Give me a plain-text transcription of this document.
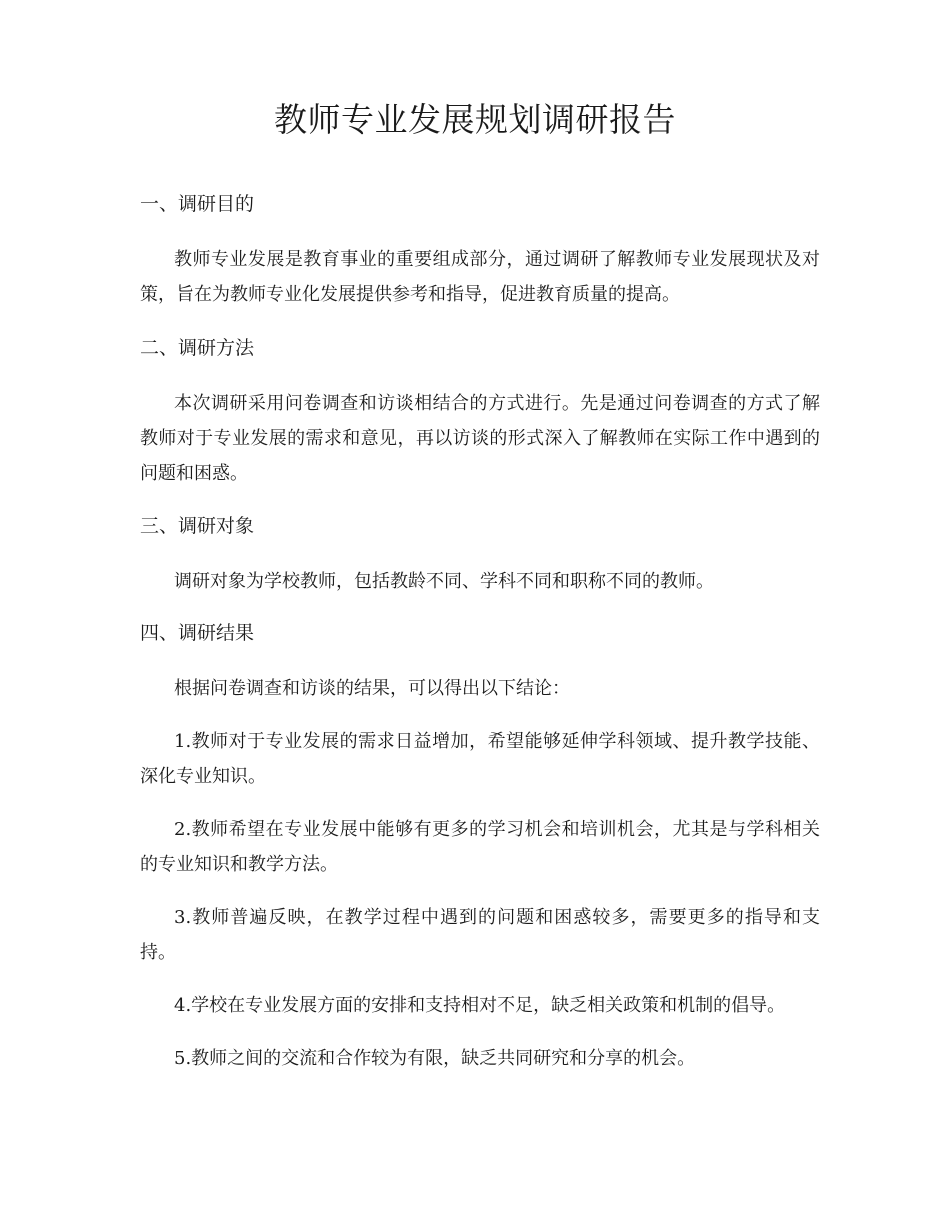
教师专业发展规划调研报告
一、调研目的
教师专业发展是教育事业的重要组成部分，通过调研了解教师专业发展现状及对策，旨在为教师专业化发展提供参考和指导，促进教育质量的提高。
二、调研方法
本次调研采用问卷调查和访谈相结合的方式进行。先是通过问卷调查的方式了解教师对于专业发展的需求和意见，再以访谈的形式深入了解教师在实际工作中遇到的问题和困惑。
三、调研对象
调研对象为学校教师，包括教龄不同、学科不同和职称不同的教师。
四、调研结果
根据问卷调查和访谈的结果，可以得出以下结论：
1.教师对于专业发展的需求日益增加，希望能够延伸学科领域、提升教学技能、深化专业知识。
2.教师希望在专业发展中能够有更多的学习机会和培训机会，尤其是与学科相关的专业知识和教学方法。
3.教师普遍反映，在教学过程中遇到的问题和困惑较多，需要更多的指导和支持。
4.学校在专业发展方面的安排和支持相对不足，缺乏相关政策和机制的倡导。
5.教师之间的交流和合作较为有限，缺乏共同研究和分享的机会。
